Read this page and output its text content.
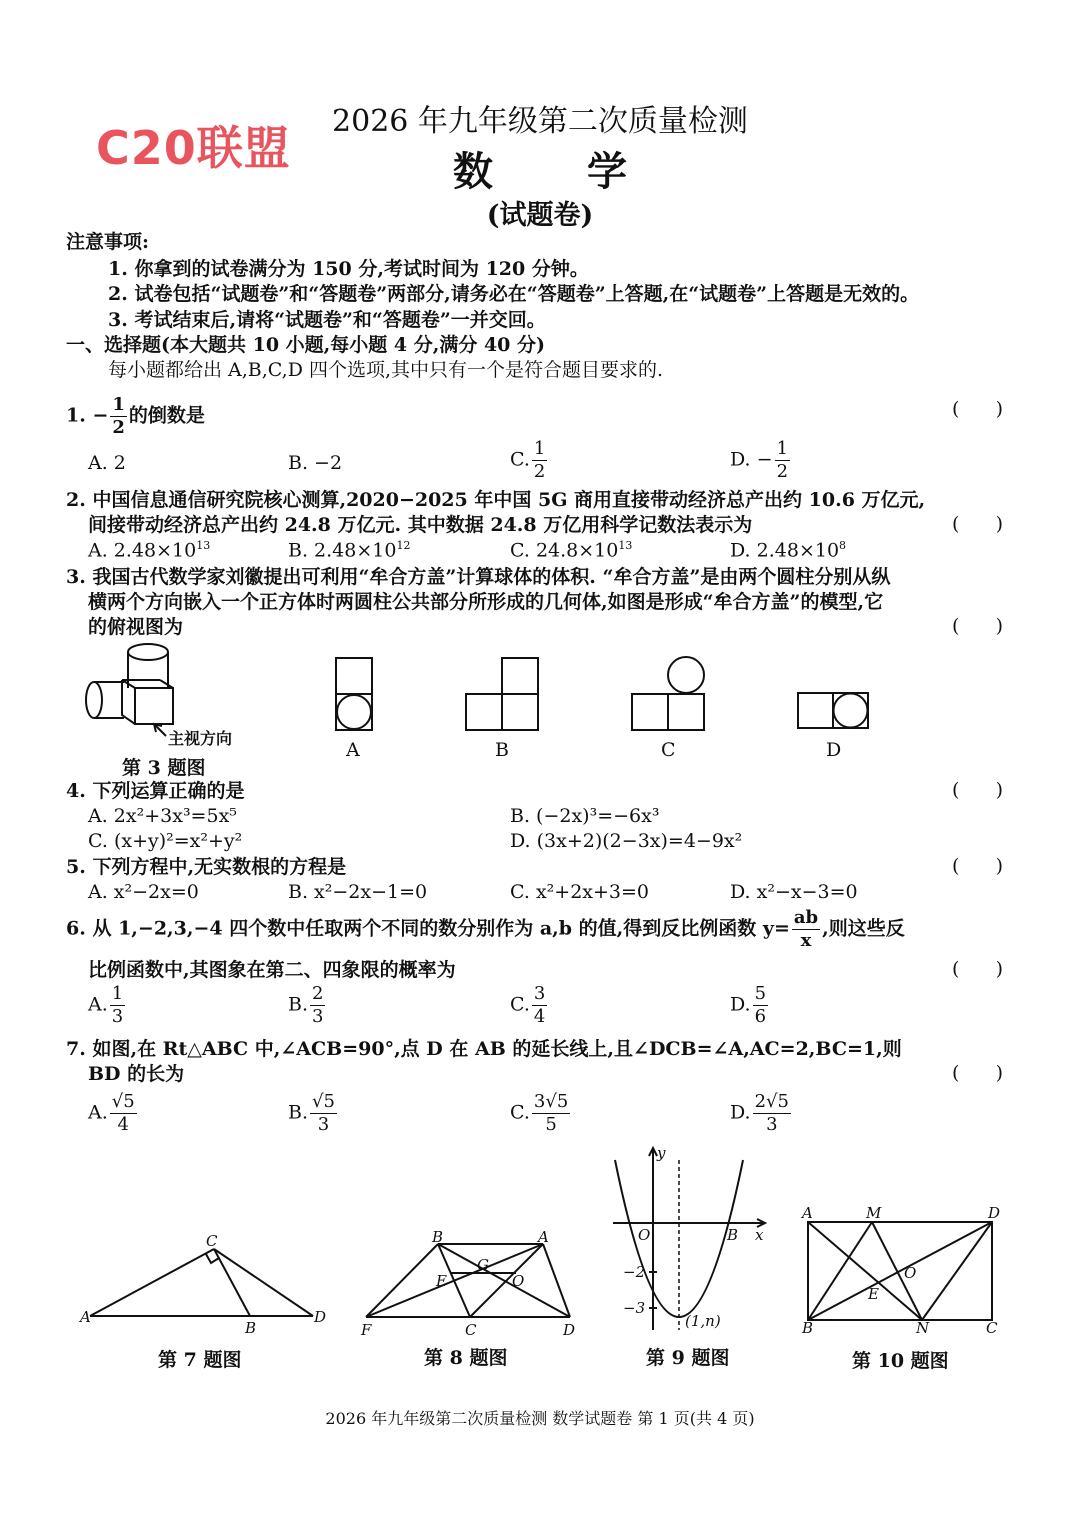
C20联盟	2026 年九年级第二次质量检测
数 学
(试题卷)
注意事项:
1. 你拿到的试卷满分为 150 分,考试时间为 120 分钟。
2. 试卷包括“试题卷”和“答题卷”两部分,请务必在“答题卷”上答题,在“试题卷”上答题是无效的。
3. 考试结束后,请将“试题卷”和“答题卷”一并交回。
一、选择题(本大题共 10 小题,每小题 4 分,满分 40 分)
每小题都给出 A,B,C,D 四个选项,其中只有一个是符合题目要求的.
1. − $\frac{1}{2}$ 的倒数是	(      )
A. 2	B. −2	C. $\frac{1}{2}$	D. − $\frac{1}{2}$
2. 中国信息通信研究院核心测算,2020−2025 年中国 5G 商用直接带动经济总产出约 10.6 万亿元,
间接带动经济总产出约 24.8 万亿元. 其中数据 24.8 万亿用科学记数法表示为	(      )
A. $2.48\times 10^{13}$	B. $2.48\times 10^{12}$	C. $24.8\times 10^{13}$	D. $2.48\times 10^8$
3. 我国古代数学家刘徽提出可利用“牟合方盖”计算球体的体积. “牟合方盖”是由两个圆柱分别从纵
横两个方向嵌入一个正方体时两圆柱公共部分所形成的几何体,如图是形成“牟合方盖”的模型,它
的俯视图为	(      )
主视方向
第 3 题图
A	B	C	D
4. 下列运算正确的是	(      )
A. 2x²+3x³=5x⁵	B. (−2x)³=−6x³
C. (x+y)²=x²+y²	D. (3x+2)(2−3x)=4−9x²
5. 下列方程中,无实数根的方程是	(      )
A. x²−2x=0	B. x²−2x−1=0	C. x²+2x+3=0	D. x²−x−3=0
6. 从 1,−2,3,−4 四个数中任取两个不同的数分别作为 a,b 的值,得到反比例函数 $y= \frac{ab}{x}$ ,则这些反
比例函数中,其图象在第二、四象限的概率为	(      )
A. $\frac{1}{3}$	B. $\frac{2}{3}$	C. $\frac{3}{4}$	D. $\frac{5}{6}$
7. 如图,在 Rt△ABC 中,∠ACB=90°,点 D 在 AB 的延长线上,且∠DCB=∠A,AC=2,BC=1,则
BD 的长为	(      )
A. $\frac{√5}{4}$	B. $\frac{√5}{3}$	C. $\frac{3√5}{5}$	D. $\frac{2√5}{3}$
A
B
C
D
第 7 题图
B	A
G
E	O
F	C	D
第 8 题图
y
O	B x
−2
−3
(1,n)
第 9 题图
A	M	D
O
E
B	N	C
第 10 题图
2026 年九年级第二次质量检测 数学试题卷 第 1 页(共 4 页)
